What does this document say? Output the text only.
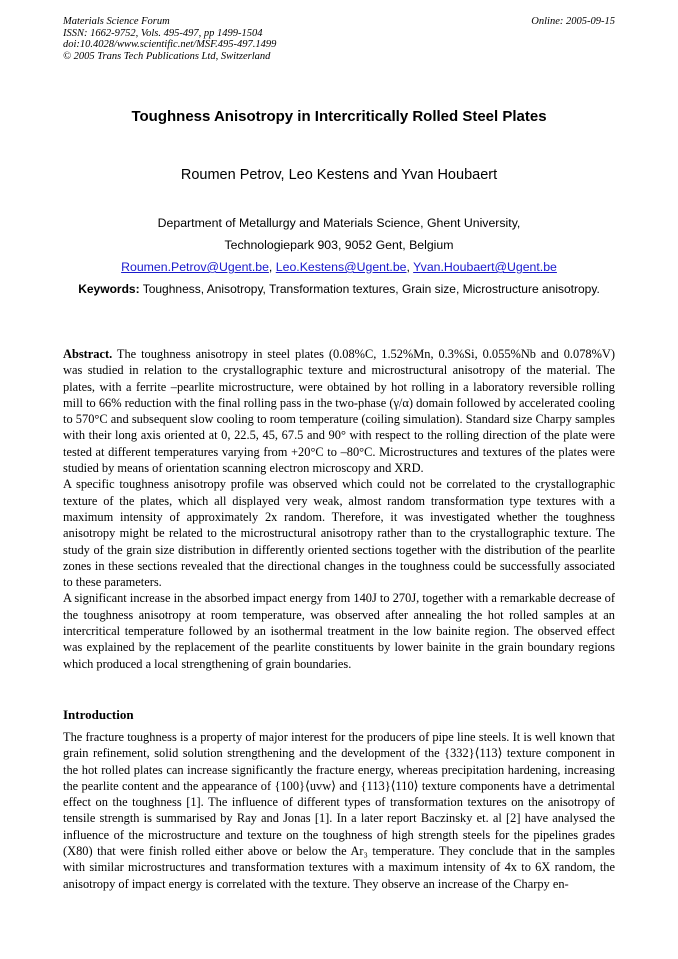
Materials Science Forum
ISSN: 1662-9752, Vols. 495-497, pp 1499-1504
doi:10.4028/www.scientific.net/MSF.495-497.1499
© 2005 Trans Tech Publications Ltd, Switzerland
Online: 2005-09-15
Toughness Anisotropy in Intercritically Rolled Steel Plates
Roumen Petrov, Leo Kestens and Yvan Houbaert
Department of Metallurgy and Materials Science, Ghent University,
Technologiepark 903, 9052 Gent, Belgium
Roumen.Petrov@Ugent.be, Leo.Kestens@Ugent.be, Yvan.Houbaert@Ugent.be
Keywords: Toughness, Anisotropy, Transformation textures, Grain size, Microstructure anisotropy.

Abstract. The toughness anisotropy in steel plates (0.08%C, 1.52%Mn, 0.3%Si, 0.055%Nb and 0.078%V) was studied in relation to the crystallographic texture and microstructural anisotropy of the material. The plates, with a ferrite –pearlite microstructure, were obtained by hot rolling in a laboratory reversible rolling mill to 66% reduction with the final rolling pass in the two-phase (γ/α) domain followed by accelerated cooling to 570°C and subsequent slow cooling to room temperature (coiling simulation). Standard size Charpy samples with their long axis oriented at 0, 22.5, 45, 67.5 and 90° with respect to the rolling direction of the plate were tested at different temperatures varying from +20°C to –80°C. Microstructures and textures of the plates were studied by means of orientation scanning electron microscopy and XRD.

A specific toughness anisotropy profile was observed which could not be correlated to the crystallographic texture of the plates, which all displayed very weak, almost random transformation type textures with a maximum intensity of approximately 2x random. Therefore, it was investigated whether the toughness anisotropy might be related to the microstructural anisotropy rather than to the crystallographic texture. The study of the grain size distribution in differently oriented sections together with the distribution of the pearlite zones in these sections revealed that the directional changes in the toughness could be successfully associated to these parameters.

A significant increase in the absorbed impact energy from 140J to 270J, together with a remarkable decrease of the toughness anisotropy at room temperature, was observed after annealing the hot rolled samples at an intercritical temperature followed by an isothermal treatment in the low bainite region. The observed effect was explained by the replacement of the pearlite constituents by lower bainite in the grain boundary regions which produced a local strengthening of grain boundaries.

Introduction

The fracture toughness is a property of major interest for the producers of pipe line steels. It is well known that grain refinement, solid solution strengthening and the development of the {332}⟨113⟩ texture component in the hot rolled plates can increase significantly the fracture energy, whereas precipitation hardening, increasing the pearlite content and the appearance of {100}⟨uvw⟩ and {113}⟨110⟩ texture components have a detrimental effect on the toughness [1]. The influence of different types of transformation textures on the anisotropy of tensile strength is summarised by Ray and Jonas [1]. In a later report Baczinsky et. al [2] have analysed the influence of the microstructure and texture on the toughness of high strength steels for the pipelines grades (X80) that were finish rolled either above or below the Ar₃ temperature. They conclude that in the samples with similar microstructures and transformation textures with a maximum intensity of 4x to 6X random, the anisotropy of impact energy is correlated with the texture. They observe an increase of the Charpy en-
